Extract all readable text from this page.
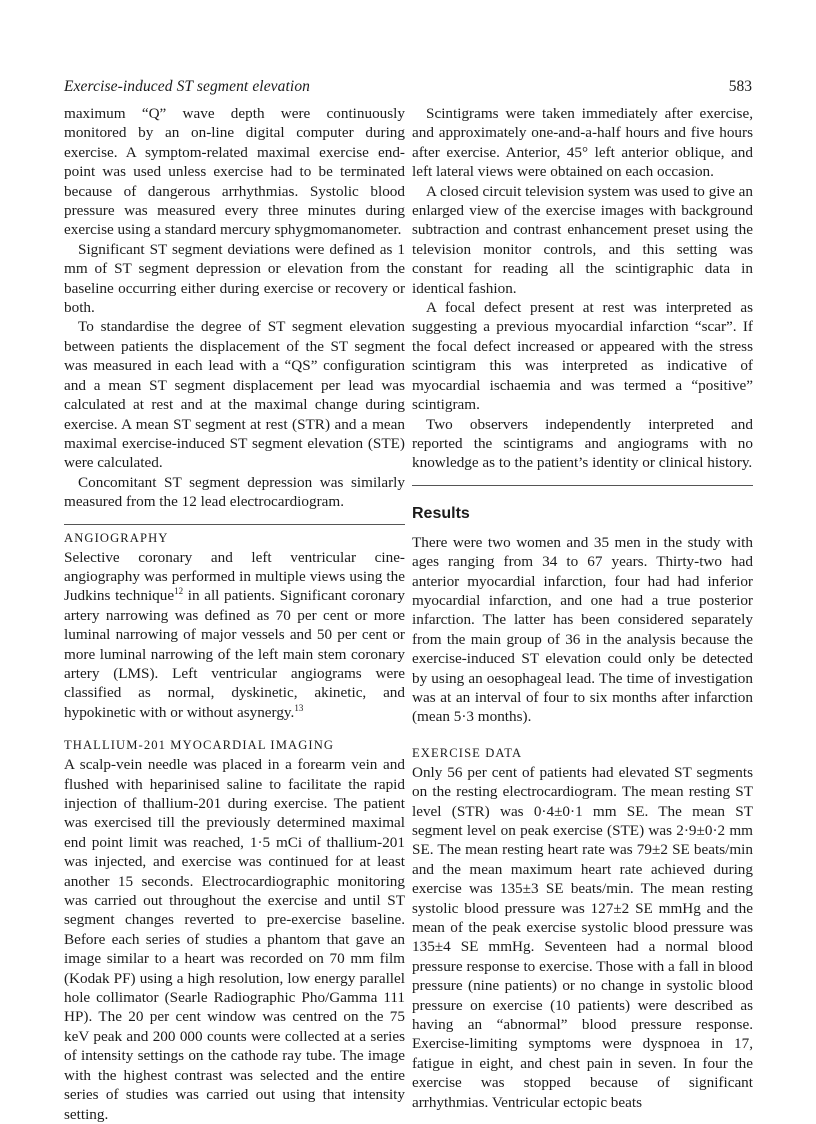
Exercise-induced ST segment elevation	583

maximum “Q” wave depth were continuously monitored by an on-line digital computer during exercise. A symptom-related maximal exercise end-point was used unless exercise had to be terminated because of dangerous arrhythmias. Systolic blood pressure was measured every three minutes during exercise using a standard mercury sphygmomanometer.

Significant ST segment deviations were defined as 1 mm of ST segment depression or elevation from the baseline occurring either during exercise or recovery or both.

To standardise the degree of ST segment elevation between patients the displacement of the ST segment was measured in each lead with a “QS” configuration and a mean ST segment displacement per lead was calculated at rest and at the maximal change during exercise. A mean ST segment at rest (STR) and a mean maximal exercise-induced ST segment elevation (STE) were calculated.

Concomitant ST segment depression was similarly measured from the 12 lead electrocardiogram.

ANGIOGRAPHY

Selective coronary and left ventricular cine-angiography was performed in multiple views using the Judkins technique$^{12}$ in all patients. Significant coronary artery narrowing was defined as 70 per cent or more luminal narrowing of major vessels and 50 per cent or more luminal narrowing of the left main stem coronary artery (LMS). Left ventricular angiograms were classified as normal, dyskinetic, akinetic, and hypokinetic with or without asynergy.$^{13}$

THALLIUM-201 MYOCARDIAL IMAGING

A scalp-vein needle was placed in a forearm vein and flushed with heparinised saline to facilitate the rapid injection of thallium-201 during exercise. The patient was exercised till the previously determined maximal end point limit was reached, 1·5 mCi of thallium-201 was injected, and exercise was continued for at least another 15 seconds. Electrocardiographic monitoring was carried out throughout the exercise and until ST segment changes reverted to pre-exercise baseline. Before each series of studies a phantom that gave an image similar to a heart was recorded on 70 mm film (Kodak PF) using a high resolution, low energy parallel hole collimator (Searle Radiographic Pho/Gamma 111 HP). The 20 per cent window was centred on the 75 keV peak and 200 000 counts were collected at a series of intensity settings on the cathode ray tube. The image with the highest contrast was selected and the entire series of studies was carried out using that intensity setting.

Scintigrams were taken immediately after exercise, and approximately one-and-a-half hours and five hours after exercise. Anterior, 45° left anterior oblique, and left lateral views were obtained on each occasion.

A closed circuit television system was used to give an enlarged view of the exercise images with background subtraction and contrast enhancement preset using the television monitor controls, and this setting was constant for reading all the scintigraphic data in identical fashion.

A focal defect present at rest was interpreted as suggesting a previous myocardial infarction “scar”. If the focal defect increased or appeared with the stress scintigram this was interpreted as indicative of myocardial ischaemia and was termed a “positive” scintigram.

Two observers independently interpreted and reported the scintigrams and angiograms with no knowledge as to the patient’s identity or clinical history.

Results

There were two women and 35 men in the study with ages ranging from 34 to 67 years. Thirty-two had anterior myocardial infarction, four had had inferior myocardial infarction, and one had a true posterior infarction. The latter has been considered separately from the main group of 36 in the analysis because the exercise-induced ST elevation could only be detected by using an oesophageal lead. The time of investigation was at an interval of four to six months after infarction (mean 5·3 months).

EXERCISE DATA

Only 56 per cent of patients had elevated ST segments on the resting electrocardiogram. The mean resting ST level (STR) was 0·4±0·1 mm SE. The mean ST segment level on peak exercise (STE) was 2·9±0·2 mm SE. The mean resting heart rate was 79±2 SE beats/min and the mean maximum heart rate achieved during exercise was 135±3 SE beats/min. The mean resting systolic blood pressure was 127±2 SE mmHg and the mean of the peak exercise systolic blood pressure was 135±4 SE mmHg. Seventeen had a normal blood pressure response to exercise. Those with a fall in blood pressure (nine patients) or no change in systolic blood pressure on exercise (10 patients) were described as having an “abnormal” blood pressure response. Exercise-limiting symptoms were dyspnoea in 17, fatigue in eight, and chest pain in seven. In four the exercise was stopped because of significant arrhythmias. Ventricular ectopic beats
